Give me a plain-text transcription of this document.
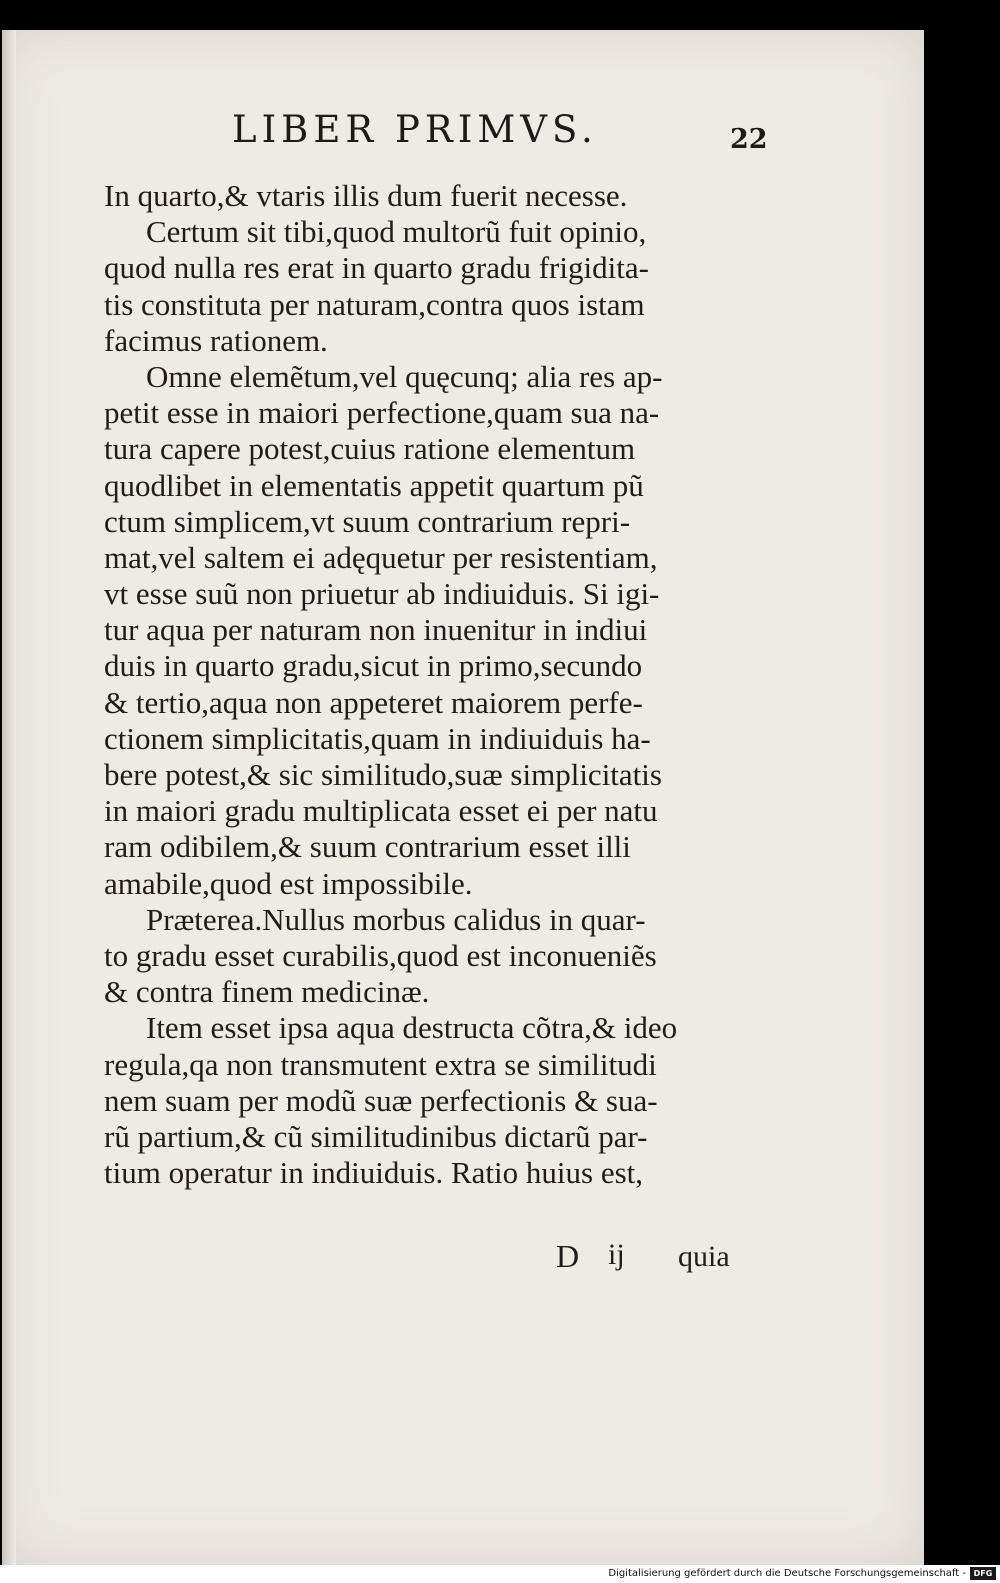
LIBER PRIMVS.	22
In quarto,& vtaris illis dum fuerit necesse.
Certum sit tibi,quod multorũ fuit opinio,
quod nulla res erat in quarto gradu frigidita-
tis constituta per naturam,contra quos istam
facimus rationem.
Omne elemẽtum,vel quęcunq; alia res ap-
petit esse in maiori perfectione,quam sua na-
tura capere potest,cuius ratione elementum
quodlibet in elementatis appetit quartum pũ
ctum simplicem,vt suum contrarium repri-
mat,vel saltem ei adęquetur per resistentiam,
vt esse suũ non priuetur ab indiuiduis. Si igi-
tur aqua per naturam non inuenitur in indiui
duis in quarto gradu,sicut in primo,secundo
& tertio,aqua non appeteret maiorem perfe-
ctionem simplicitatis,quam in indiuiduis ha-
bere potest,& sic similitudo,suæ simplicitatis
in maiori gradu multiplicata esset ei per natu
ram odibilem,& suum contrarium esset illi
amabile,quod est impossibile.
Præterea.Nullus morbus calidus in quar-
to gradu esset curabilis,quod est inconueniẽs
& contra finem medicinæ.
Item esset ipsa aqua destructa cõtra,& ideo
regula,qa non transmutent extra se similitudi
nem suam per modũ suæ perfectionis & sua-
rũ partium,& cũ similitudinibus dictarũ par-
tium operatur in indiuiduis. Ratio huius est,
D ij quia
Digitalisierung gefördert durch die Deutsche Forschungsgemeinschaft - DFG
